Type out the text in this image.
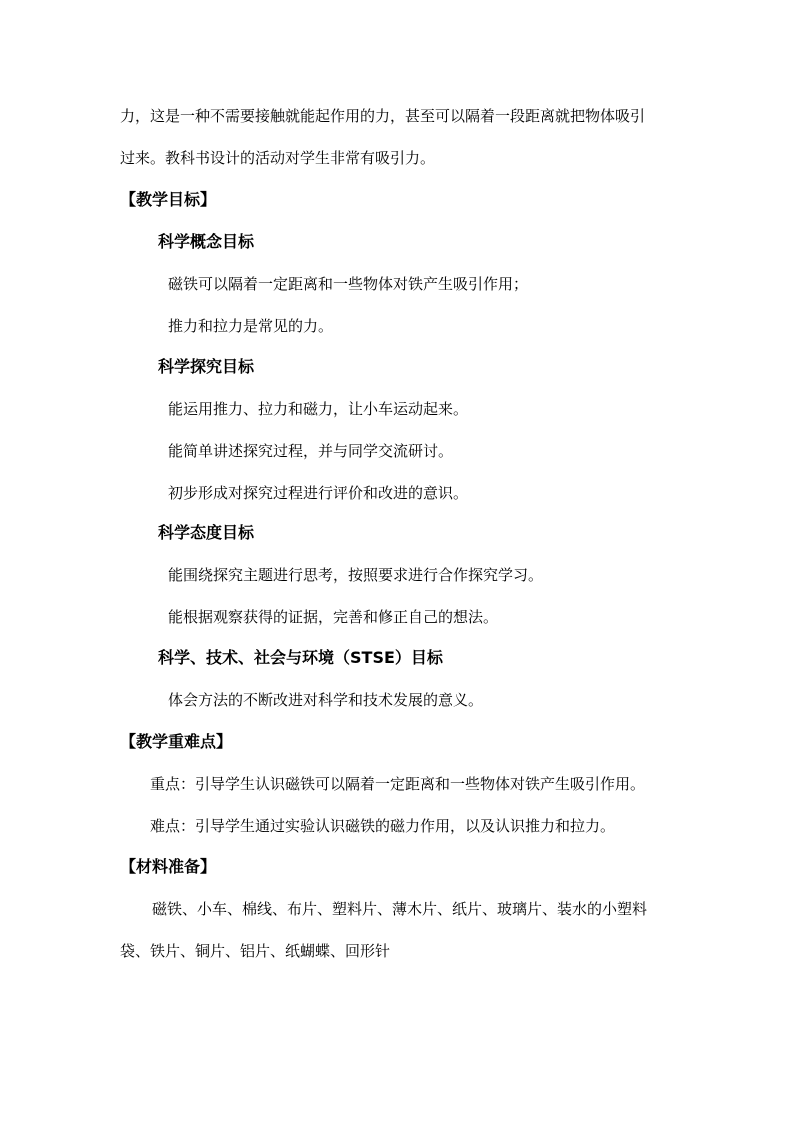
力，这是一种不需要接触就能起作用的力，甚至可以隔着一段距离就把物体吸引
过来。教科书设计的活动对学生非常有吸引力。
【教学目标】
科学概念目标
磁铁可以隔着一定距离和一些物体对铁产生吸引作用；
推力和拉力是常见的力。
科学探究目标
能运用推力、拉力和磁力，让小车运动起来。
能简单讲述探究过程，并与同学交流研讨。
初步形成对探究过程进行评价和改进的意识。
科学态度目标
能围绕探究主题进行思考，按照要求进行合作探究学习。
能根据观察获得的证据，完善和修正自己的想法。
科学、技术、社会与环境（STSE）目标
体会方法的不断改进对科学和技术发展的意义。
【教学重难点】
重点：引导学生认识磁铁可以隔着一定距离和一些物体对铁产生吸引作用。
难点：引导学生通过实验认识磁铁的磁力作用，以及认识推力和拉力。
【材料准备】
磁铁、小车、棉线、布片、塑料片、薄木片、纸片、玻璃片、装水的小塑料
袋、铁片、铜片、铝片、纸蝴蝶、回形针
